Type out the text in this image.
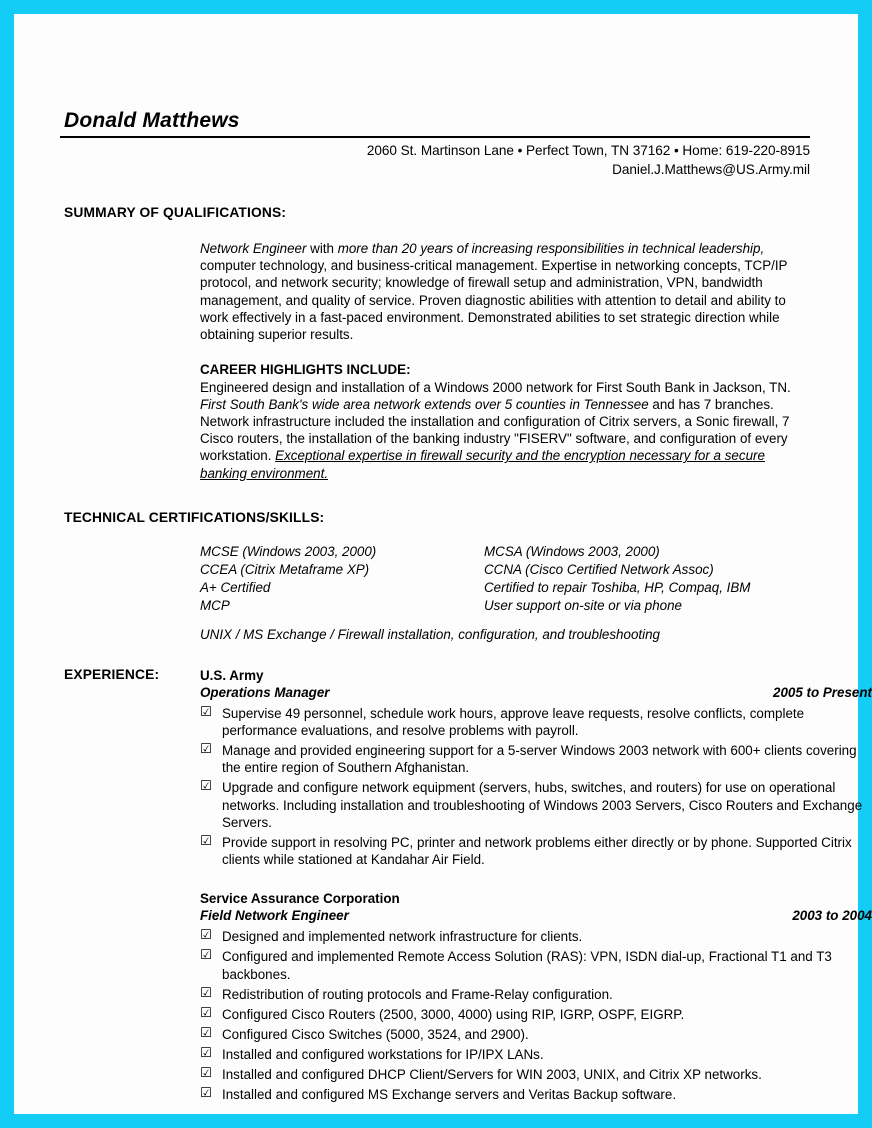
Donald Matthews
2060 St. Martinson Lane • Perfect Town, TN 37162 • Home: 619-220-8915
Daniel.J.Matthews@US.Army.mil
SUMMARY OF QUALIFICATIONS:
Network Engineer with more than 20 years of increasing responsibilities in technical leadership, computer technology, and business-critical management. Expertise in networking concepts, TCP/IP protocol, and network security; knowledge of firewall setup and administration, VPN, bandwidth management, and quality of service. Proven diagnostic abilities with attention to detail and ability to work effectively in a fast-paced environment. Demonstrated abilities to set strategic direction while obtaining superior results.
CAREER HIGHLIGHTS INCLUDE:
Engineered design and installation of a Windows 2000 network for First South Bank in Jackson, TN. First South Bank's wide area network extends over 5 counties in Tennessee and has 7 branches. Network infrastructure included the installation and configuration of Citrix servers, a Sonic firewall, 7 Cisco routers, the installation of the banking industry "FISERV" software, and configuration of every workstation. Exceptional expertise in firewall security and the encryption necessary for a secure banking environment.
TECHNICAL CERTIFICATIONS/SKILLS:
MCSE (Windows 2003, 2000)	MCSA (Windows 2003, 2000)
CCEA (Citrix Metaframe XP)	CCNA (Cisco Certified Network Assoc)
A+ Certified	Certified to repair Toshiba, HP, Compaq, IBM
MCP	User support on-site or via phone
UNIX / MS Exchange / Firewall installation, configuration, and troubleshooting

EXPERIENCE:	U.S. Army
Operations Manager	2005 to Present
☑ Supervise 49 personnel, schedule work hours, approve leave requests, resolve conflicts, complete performance evaluations, and resolve problems with payroll.
☑ Manage and provided engineering support for a 5-server Windows 2003 network with 600+ clients covering the entire region of Southern Afghanistan.
☑ Upgrade and configure network equipment (servers, hubs, switches, and routers) for use on operational networks. Including installation and troubleshooting of Windows 2003 Servers, Cisco Routers and Exchange Servers.
☑ Provide support in resolving PC, printer and network problems either directly or by phone. Supported Citrix clients while stationed at Kandahar Air Field.
Service Assurance Corporation
Field Network Engineer	2003 to 2004
☑ Designed and implemented network infrastructure for clients.
☑ Configured and implemented Remote Access Solution (RAS): VPN, ISDN dial-up, Fractional T1 and T3 backbones.
☑ Redistribution of routing protocols and Frame-Relay configuration.
☑ Configured Cisco Routers (2500, 3000, 4000) using RIP, IGRP, OSPF, EIGRP.
☑ Configured Cisco Switches (5000, 3524, and 2900).
☑ Installed and configured workstations for IP/IPX LANs.
☑ Installed and configured DHCP Client/Servers for WIN 2003, UNIX, and Citrix XP networks.
☑ Installed and configured MS Exchange servers and Veritas Backup software.
